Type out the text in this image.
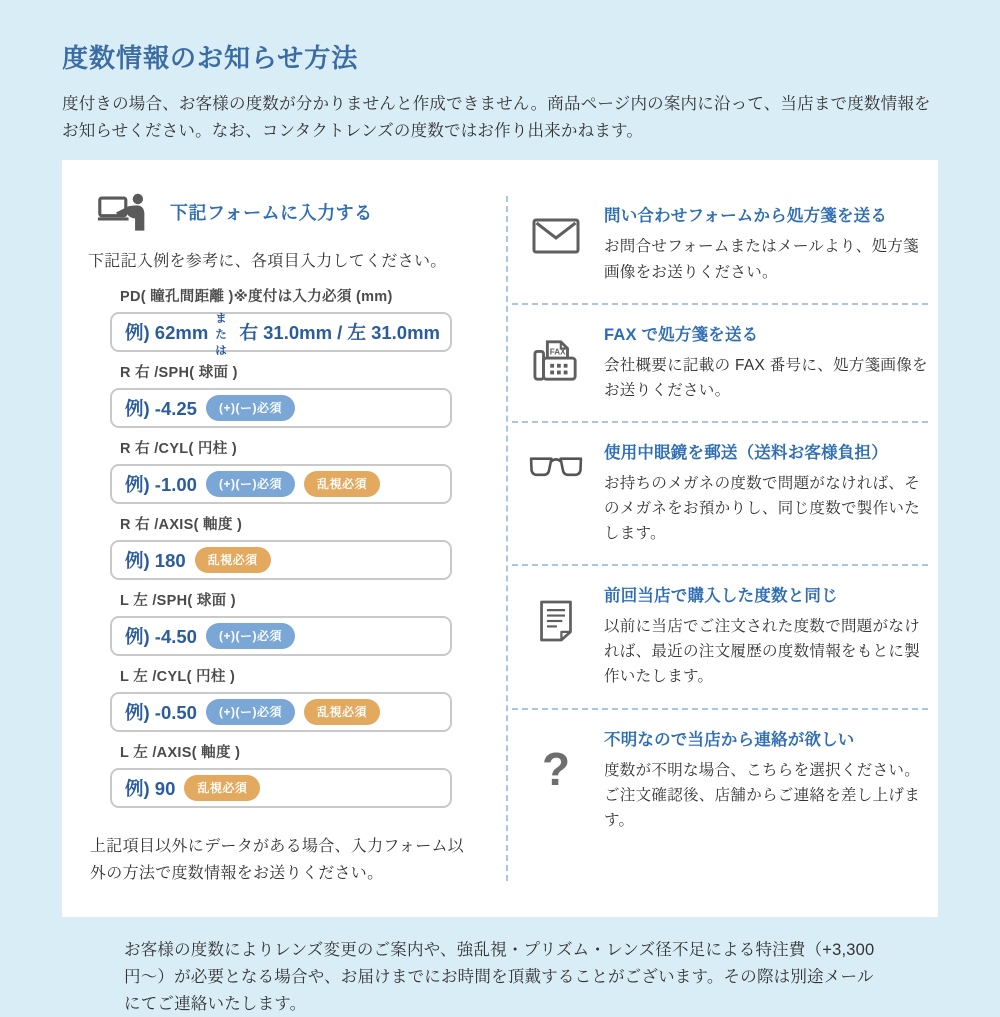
度数情報のお知らせ方法
度付きの場合、お客様の度数が分かりませんと作成できません。商品ページ内の案内に沿って、当店まで度数情報をお知らせください。なお、コンタクトレンズの度数ではお作り出来かねます。
下記フォームに入力する
下記記入例を参考に、各項目入力してください。
PD( 瞳孔間距離 )※度付は入力必須 (mm)
例) 62mm
または
右 31.0mm / 左 31.0mm
R 右 /SPH( 球面 )
例) -4.25	(+)(ー)必須
R 右 /CYL( 円柱 )
例) -1.00	(+)(ー)必須	乱視必須
R 右 /AXIS( 軸度 )
例) 180	乱視必須
L 左 /SPH( 球面 )
例) -4.50	(+)(ー)必須
L 左 /CYL( 円柱 )
例) -0.50	(+)(ー)必須	乱視必須
L 左 /AXIS( 軸度 )
例) 90	乱視必須
上記項目以外にデータがある場合、入力フォーム以外の方法で度数情報をお送りください。
問い合わせフォームから処方箋を送る
お問合せフォームまたはメールより、処方箋画像をお送りください。
FAX
FAX で処方箋を送る
会社概要に記載の FAX 番号に、処方箋画像をお送りください。
使用中眼鏡を郵送（送料お客様負担）
お持ちのメガネの度数で問題がなければ、そのメガネをお預かりし、同じ度数で製作いたします。
前回当店で購入した度数と同じ
以前に当店でご注文された度数で問題がなければ、最近の注文履歴の度数情報をもとに製作いたします。
?
不明なので当店から連絡が欲しい
度数が不明な場合、こちらを選択ください。ご注文確認後、店舗からご連絡を差し上げます。
お客様の度数によりレンズ変更のご案内や、強乱視・プリズム・レンズ径不足による特注費（+3,300 円〜）が必要となる場合や、お届けまでにお時間を頂戴することがございます。その際は別途メールにてご連絡いたします。
